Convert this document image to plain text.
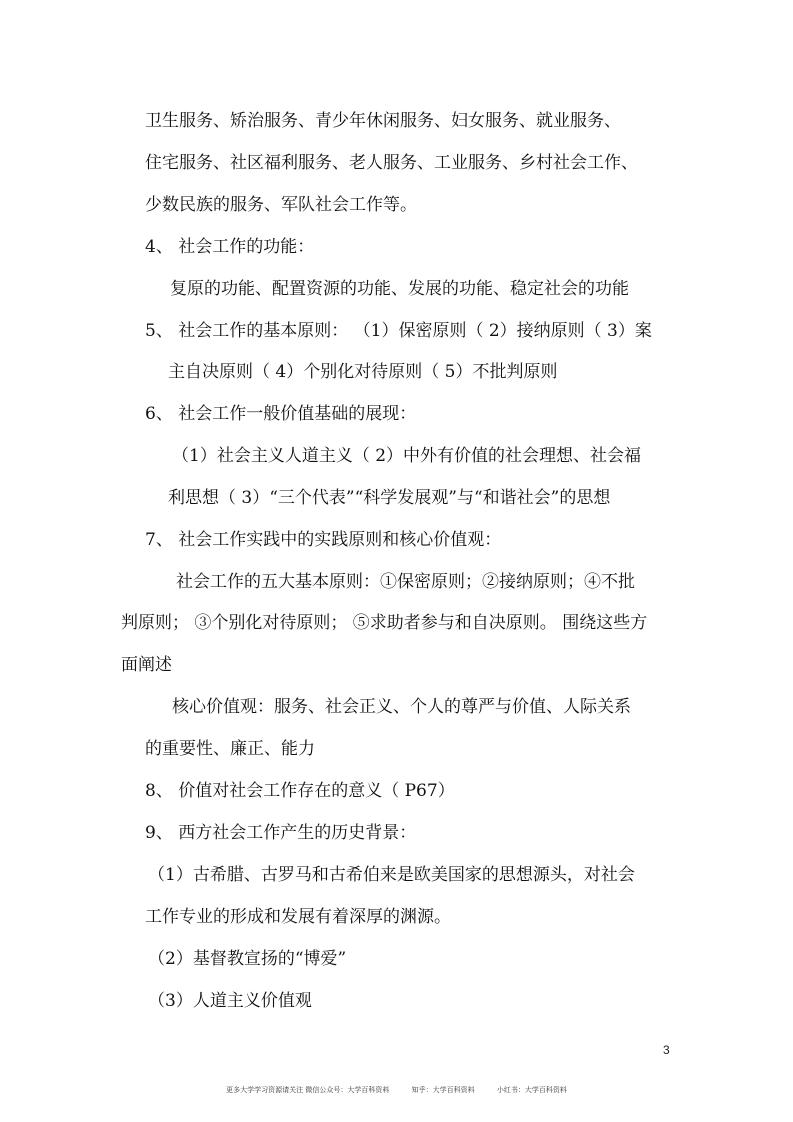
卫生服务、矫治服务、青少年休闲服务、妇女服务、就业服务、
住宅服务、社区福利服务、老人服务、工业服务、乡村社会工作、
少数民族的服务、军队社会工作等。
4、 社会工作的功能：
复原的功能、配置资源的功能、发展的功能、稳定社会的功能
5、 社会工作的基本原则： （1）保密原则（ 2）接纳原则（ 3）案
主自决原则（ 4）个别化对待原则（ 5）不批判原则
6、 社会工作一般价值基础的展现：
（1）社会主义人道主义（ 2）中外有价值的社会理想、社会福
利思想（ 3）“三个代表”“科学发展观”与“和谐社会”的思想
7、 社会工作实践中的实践原则和核心价值观：
社会工作的五大基本原则：①保密原则；②接纳原则；④不批
判原则； ③个别化对待原则； ⑤求助者参与和自决原则。 围绕这些方
面阐述
核心价值观：服务、社会正义、个人的尊严与价值、人际关系
的重要性、廉正、能力
8、 价值对社会工作存在的意义（ P67）
9、 西方社会工作产生的历史背景：
（1）古希腊、古罗马和古希伯来是欧美国家的思想源头，对社会
工作专业的形成和发展有着深厚的渊源。
（2）基督教宣扬的“博爱”
（3）人道主义价值观
3
更多大学学习资源请关注 微信公众号：大学百科资料	知乎：大学百科资料	小红书：大学百科资料
